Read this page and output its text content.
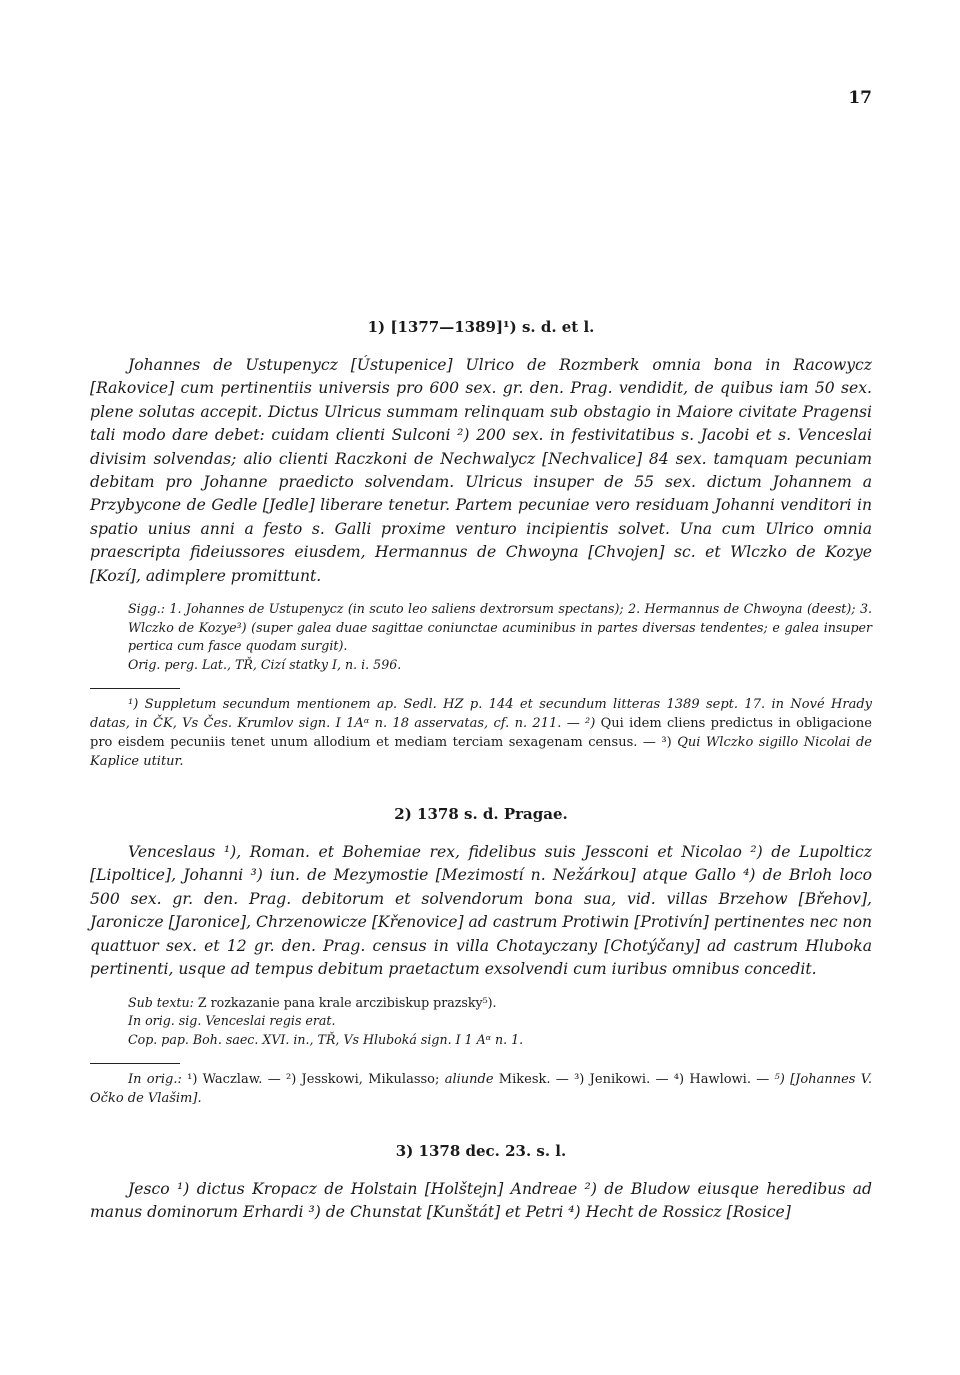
17
1) [1377—1389]¹) s. d. et l.

Johannes de Ustupenycz [Ústupenice] Ulrico de Rozmberk omnia bona in Racowycz [Rakovice] cum pertinentiis universis pro 600 sex. gr. den. Prag. vendidit, de quibus iam 50 sex. plene solutas accepit. Dictus Ulricus summam relinquam sub obstagio in Maiore civitate Pragensi tali modo dare debet: cuidam clienti Sulconi ²) 200 sex. in festivitatibus s. Jacobi et s. Venceslai divisim solvendas; alio clienti Raczkoni de Nechwalycz [Nechvalice] 84 sex. tamquam pecuniam debitam pro Johanne praedicto solvendam. Ulricus insuper de 55 sex. dictum Johannem a Przybycone de Gedle [Jedle] liberare tenetur. Partem pecuniae vero residuam Johanni venditori in spatio unius anni a festo s. Galli proxime venturo incipientis solvet. Una cum Ulrico omnia praescripta fideiussores eiusdem, Hermannus de Chwoyna [Chvojen] sc. et Wlczko de Kozye [Kozí], adimplere promittunt.

Sigg.: 1. Johannes de Ustupenycz (in scuto leo saliens dextrorsum spectans); 2. Hermannus de Chwoyna (deest); 3. Wlczko de Kozye³) (super galea duae sagittae coniunctae acuminibus in partes diversas tendentes; e galea insuper pertica cum fasce quodam surgit).
Orig. perg. Lat., TŘ, Cizí statky I, n. i. 596.

¹) Suppletum secundum mentionem ap. Sedl. HZ p. 144 et secundum litteras 1389 sept. 17. in Nové Hrady datas, in ČK, Vs Čes. Krumlov sign. I 1Aᵅ n. 18 asservatas, cf. n. 211. — ²) Qui idem cliens predictus in obligacione pro eisdem pecuniis tenet unum allodium et mediam terciam sexagenam census. — ³) Qui Wlczko sigillo Nicolai de Kaplice utitur.

2) 1378 s. d. Pragae.

Venceslaus ¹), Roman. et Bohemiae rex, fidelibus suis Jessconi et Nicolao ²) de Lupolticz [Lipoltice], Johanni ³) iun. de Mezymostie [Mezimostí n. Nežárkou] atque Gallo ⁴) de Brloh loco 500 sex. gr. den. Prag. debitorum et solvendorum bona sua, vid. villas Brzehow [Břehov], Jaronicze [Jaronice], Chrzenowicze [Křenovice] ad castrum Protiwin [Protivín] pertinentes nec non quattuor sex. et 12 gr. den. Prag. census in villa Chotayczany [Chotýčany] ad castrum Hluboka pertinenti, usque ad tempus debitum praetactum exsolvendi cum iuribus omnibus concedit.

Sub textu: Z rozkazanie pana krale arczibiskup prazsky⁵).
In orig. sig. Venceslai regis erat.
Cop. pap. Boh. saec. XVI. in., TŘ, Vs Hluboká sign. I 1 Aᵅ n. 1.

In orig.: ¹) Waczlaw. — ²) Jesskowi, Mikulasso; aliunde Mikesk. — ³) Jenikowi. — ⁴) Hawlowi. — ⁵) [Johannes V. Očko de Vlašim].

3) 1378 dec. 23. s. l.

Jesco ¹) dictus Kropacz de Holstain [Holštejn] Andreae ²) de Bludow eiusque heredibus ad manus dominorum Erhardi ³) de Chunstat [Kunštát] et Petri ⁴) Hecht de Rossicz [Rosice]
